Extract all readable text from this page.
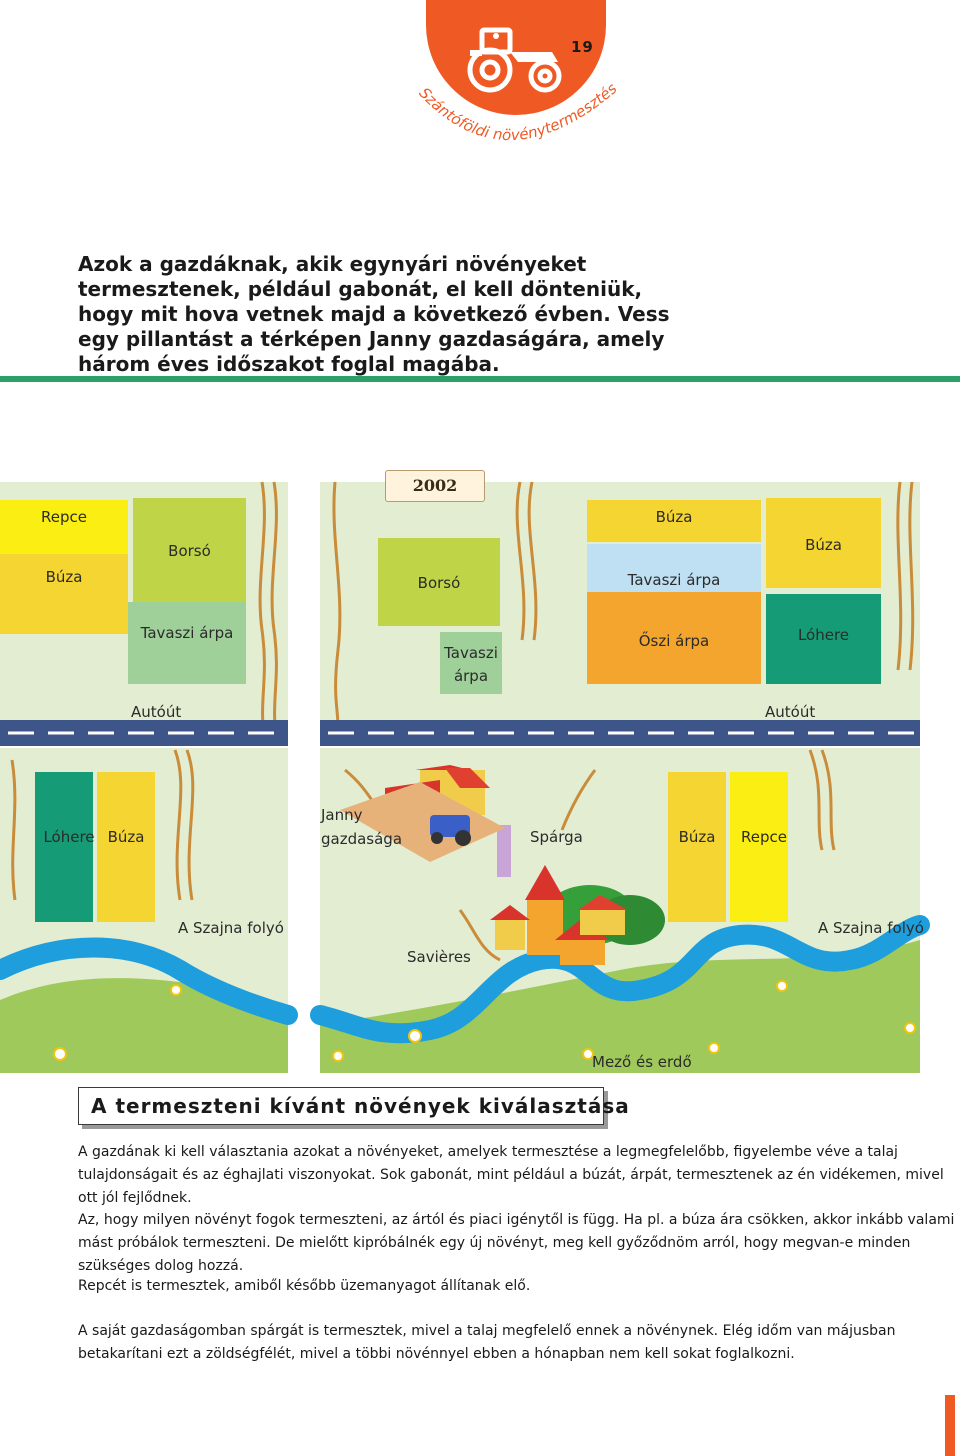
19
Szántóföldi növénytermesztés

Azok a gazdáknak, akik egynyári növényeket termesztenek, például gabonát, el kell dönteniük, hogy mit hova vetnek majd a következő évben. Vess egy pillantást a térképen Janny gazdaságára, amely három éves időszakot foglal magába.

2002
Repce
Búza
Borsó
Tavaszi árpa
Borsó
Tavaszi
árpa
Búza
Tavaszi árpa
Őszi árpa
Búza
Lóhere
Autóút	Autóút
Lóhere Búza
Janny
gazdasága	Spárga	Búza	Repce
A Szajna folyó	A Szajna folyó
Savières
Mező és erdő
A termeszteni kívánt növények kiválasztása

A gazdának ki kell választania azokat a növényeket, amelyek termesztése a legmegfelelőbb, figyelembe véve a talaj tulajdonságait és az éghajlati viszonyokat. Sok gabonát, mint például a búzát, árpát, termesztenek az én vidékemen, mivel ott jól fejlődnek.

Az, hogy milyen növényt fogok termeszteni, az ártól és piaci igénytől is függ. Ha pl. a búza ára csökken, akkor inkább valami mást próbálok termeszteni. De mielőtt kipróbálnék egy új növényt, meg kell győződnöm arról, hogy megvan-e minden szükséges dolog hozzá.

Repcét is termesztek, amiből később üzemanyagot állítanak elő.

A saját gazdaságomban spárgát is termesztek, mivel a talaj megfelelő ennek a növénynek. Elég időm van májusban betakarítani ezt a zöldségfélét, mivel a többi növénnyel ebben a hónapban nem kell sokat foglalkozni.
